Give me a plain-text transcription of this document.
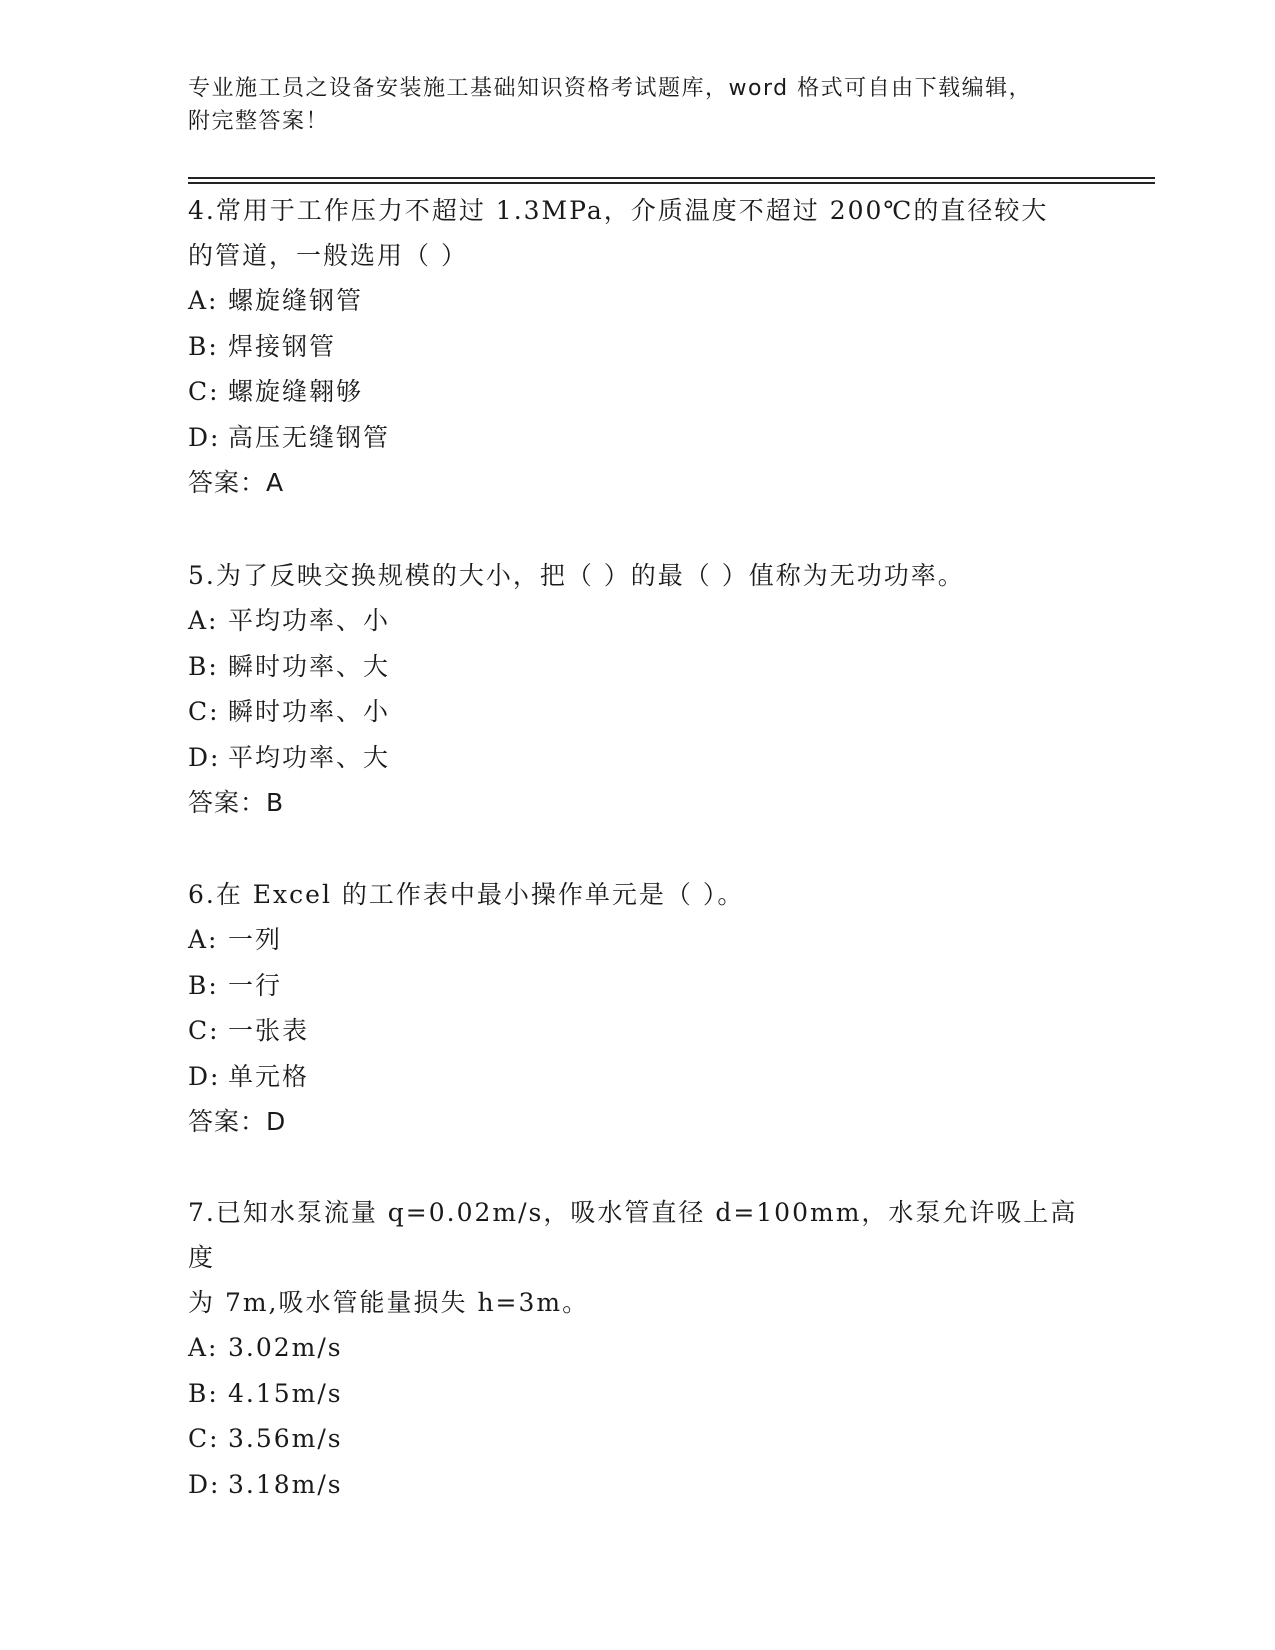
专业施工员之设备安装施工基础知识资格考试题库，word 格式可自由下载编辑，
附完整答案！
4.常用于工作压力不超过 1.3MPa，介质温度不超过 200℃的直径较大
的管道，一般选用（ ）
A: 螺旋缝钢管
B: 焊接钢管
C: 螺旋缝翱够
D: 高压无缝钢管
答案：A
5.为了反映交换规模的大小，把（ ）的最（ ）值称为无功功率。
A: 平均功率、小
B: 瞬时功率、大
C: 瞬时功率、小
D: 平均功率、大
答案：B
6.在 Excel 的工作表中最小操作单元是（ ）。
A: 一列
B: 一行
C: 一张表
D: 单元格
答案：D
7.已知水泵流量 q=0.02m/s，吸水管直径 d=100mm，水泵允许吸上高度
为 7m,吸水管能量损失 h=3m。
A: 3.02m/s
B: 4.15m/s
C: 3.56m/s
D: 3.18m/s
